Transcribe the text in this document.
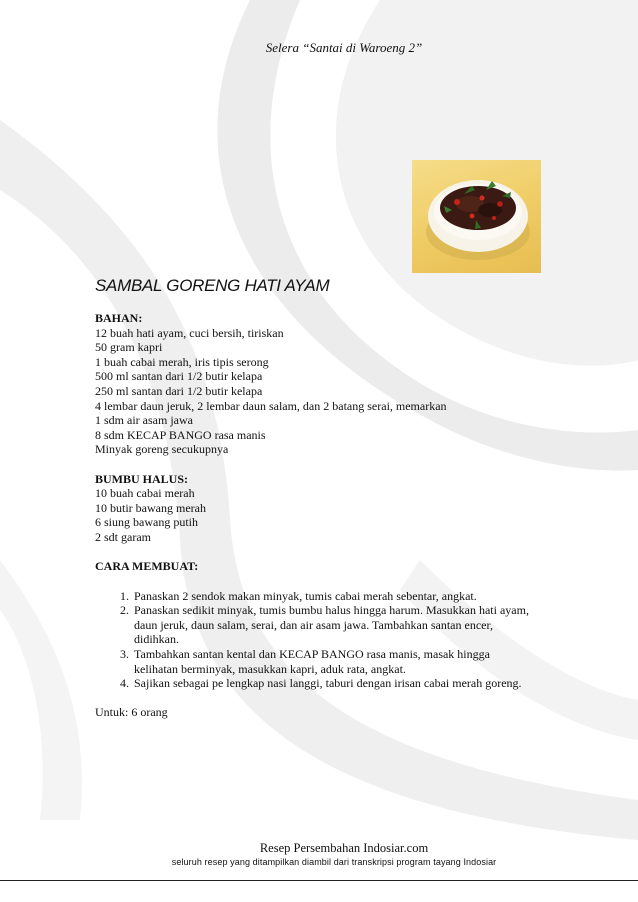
Selera “Santai di Waroeng 2”
SAMBAL GORENG HATI AYAM
BAHAN:
12 buah hati ayam, cuci bersih, tiriskan
50 gram kapri
1 buah cabai merah, iris tipis serong
500 ml santan dari 1/2 butir kelapa
250 ml santan dari 1/2 butir kelapa
4 lembar daun jeruk, 2 lembar daun salam, dan 2 batang serai, memarkan
1 sdm air asam jawa
8 sdm KECAP BANGO rasa manis
Minyak goreng secukupnya
BUMBU HALUS:
10 buah cabai merah
10 butir bawang merah
6 siung bawang putih
2 sdt garam
CARA MEMBUAT:
1. Panaskan 2 sendok makan minyak, tumis cabai merah sebentar, angkat.
2. Panaskan sedikit minyak, tumis bumbu halus hingga harum. Masukkan hati ayam, daun jeruk, daun salam, serai, dan air asam jawa. Tambahkan santan encer, didihkan.
3. Tambahkan santan kental dan KECAP BANGO rasa manis, masak hingga kelihatan berminyak, masukkan kapri, aduk rata, angkat.
4. Sajikan sebagai pe lengkap nasi langgi, taburi dengan irisan cabai merah goreng.
Untuk: 6 orang
Resep Persembahan Indosiar.com
seluruh resep yang ditampilkan diambil dari transkripsi program tayang Indosiar
